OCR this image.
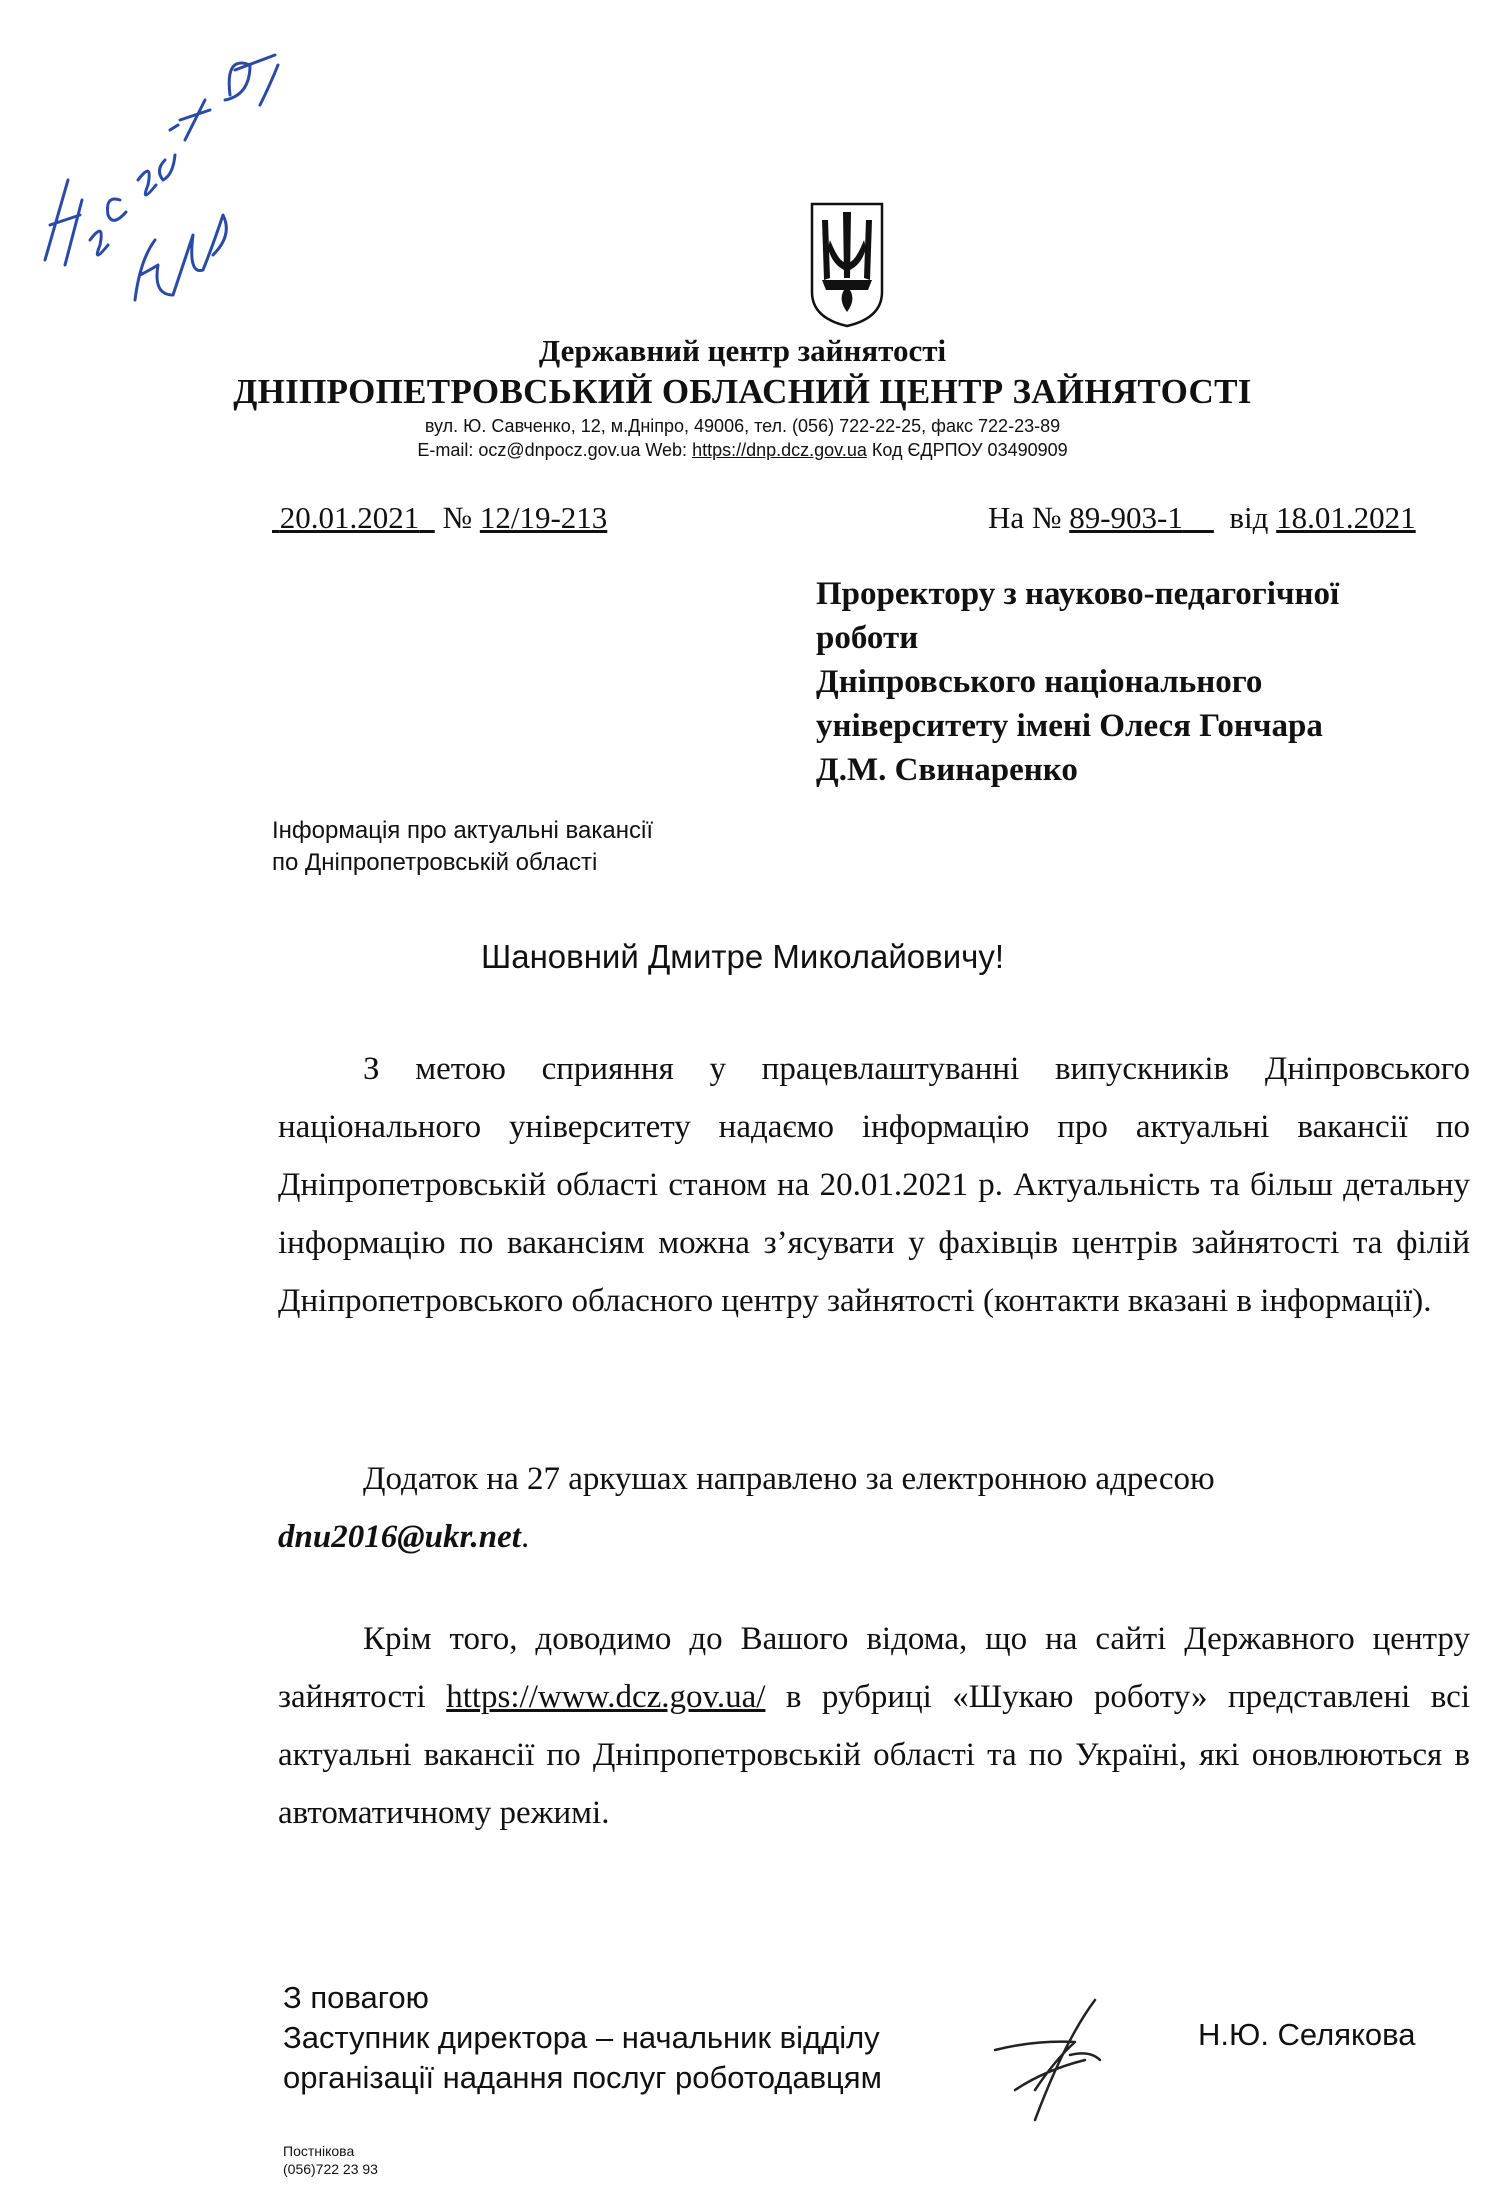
Державний центр зайнятості
ДНІПРОПЕТРОВСЬКИЙ ОБЛАСНИЙ ЦЕНТР ЗАЙНЯТОСТІ
вул. Ю. Савченко, 12, м.Дніпро, 49006, тел. (056) 722-22-25, факс 722-23-89
E-mail: ocz@dnpocz.gov.ua Web: https://dnp.dcz.gov.ua Код ЄДРПОУ 03490909
20.01.2021 № 12/19-213	На № 89-903-1 від 18.01.2021
Проректору з науково-педагогічної
роботи
Дніпровського національного
університету імені Олеся Гончара
Д.М. Свинаренко
Інформація про актуальні вакансії
по Дніпропетровській області
Шановний Дмитре Миколайовичу!
З метою сприяння у працевлаштуванні випускників Дніпровського національного університету надаємо інформацію про актуальні вакансії по Дніпропетровській області станом на 20.01.2021 р. Актуальність та більш детальну інформацію по вакансіям можна з’ясувати у фахівців центрів зайнятості та філій Дніпропетровського обласного центру зайнятості (контакти вказані в інформації).
Додаток на 27 аркушах направлено за електронною адресою
dnu2016@ukr.net.
Крім того, доводимо до Вашого відома, що на сайті Державного центру зайнятості https://www.dcz.gov.ua/ в рубриці «Шукаю роботу» представлені всі актуальні вакансії по Дніпропетровській області та по Україні, які оновлюються в автоматичному режимі.
З повагою
Заступник директора – начальник відділу
організації надання послуг роботодавцям
Н.Ю. Селякова
Постнікова
(056)722 23 93
